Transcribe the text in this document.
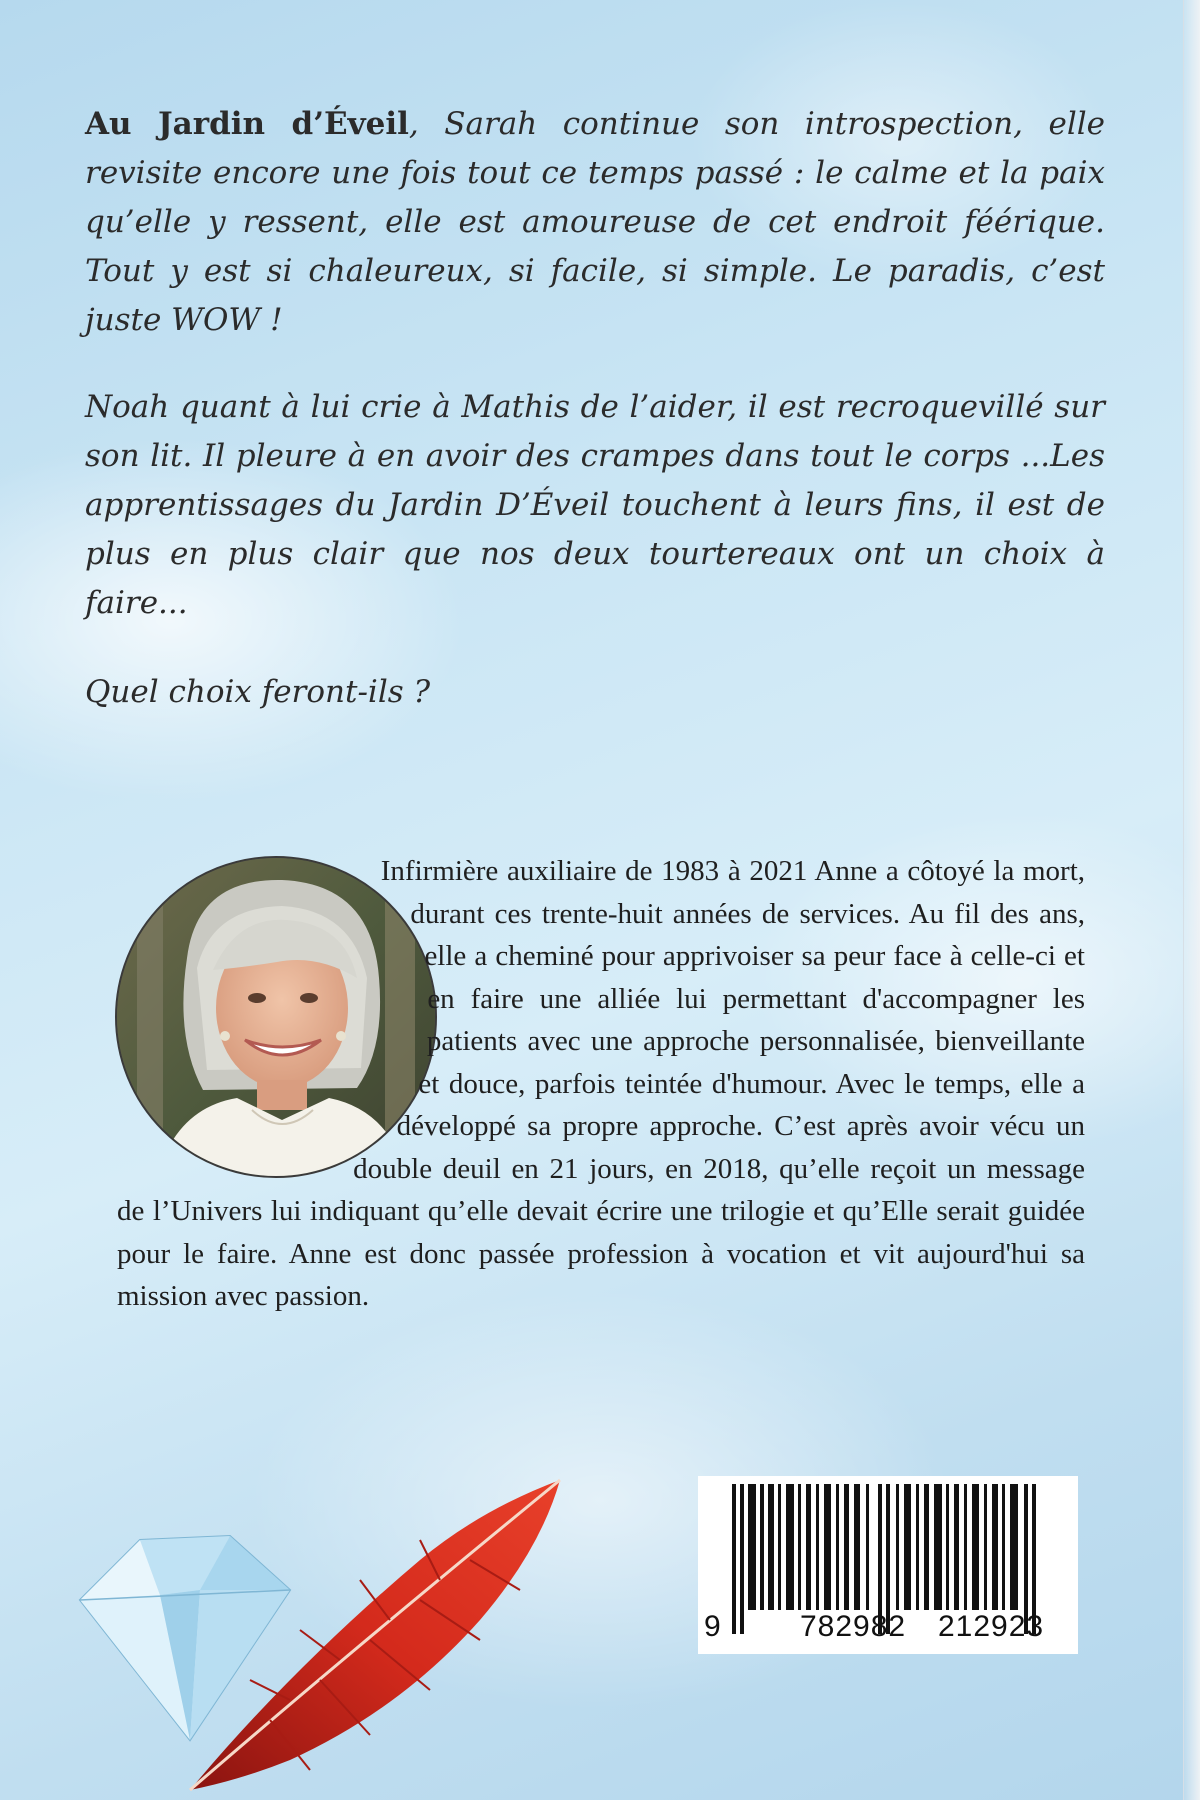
Au Jardin d’Éveil, Sarah continue son introspection, elle revisite encore une fois tout ce temps passé : le calme et la paix qu’elle y ressent, elle est amoureuse de cet endroit féérique. Tout y est si chaleureux, si facile, si simple. Le paradis, c’est juste WOW !

Noah quant à lui crie à Mathis de l’aider, il est recroquevillé sur son lit. Il pleure à en avoir des crampes dans tout le corps ...Les apprentissages du Jardin D’Éveil touchent à leurs fins, il est de plus en plus clair que nos deux tourtereaux ont un choix à faire...

Quel choix feront-ils ?

Infirmière auxiliaire de 1983 à 2021 Anne a côtoyé la mort, durant ces trente-huit années de services. Au fil des ans, elle a cheminé pour apprivoiser sa peur face à celle-ci et en faire une alliée lui permettant d'accompagner les patients avec une approche personnalisée, bienveillante et douce, parfois teintée d'humour. Avec le temps, elle a développé sa propre approche. C’est après avoir vécu un double deuil en 21 jours, en 2018, qu’elle reçoit un message de l’Univers lui indiquant qu’elle devait écrire une trilogie et qu’Elle serait guidée pour le faire. Anne est donc passée profession à vocation et vit aujourd'hui sa mission avec passion.
9	782982 212923
